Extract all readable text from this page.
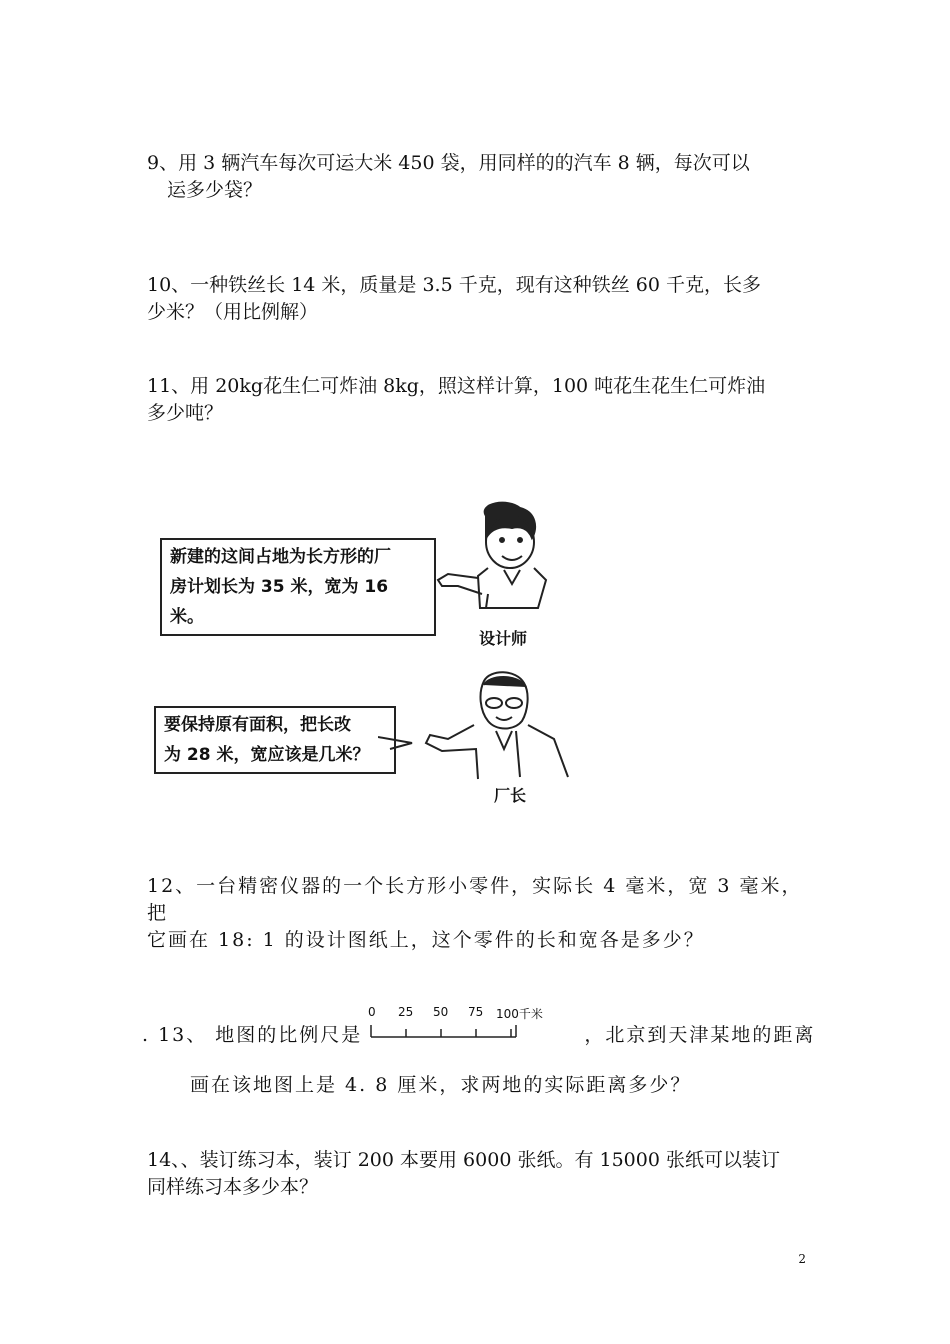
9、用 3 辆汽车每次可运大米 450 袋，用同样的的汽车 8 辆，每次可以

运多少袋？

10、一种铁丝长 14 米，质量是 3.5 千克，现有这种铁丝 60 千克，长多

少米？（用比例解）

11、用 20kg花生仁可炸油 8kg，照这样计算，100 吨花生花生仁可炸油

多少吨？

新建的这间占地为长方形的厂
房计划长为 35 米，宽为 16 米。
设计师
要保持原有面积，把长改
为 28 米，宽应该是几米？
厂长

12、一台精密仪器的一个长方形小零件，实际长 4 毫米，宽 3 毫米，把

它画在 18: 1 的设计图纸上，这个零件的长和宽各是多少？

. 13、 地图的比例尺是	，北京到天津某地的距离

0 25 50 75 100千米

画在该地图上是 4. 8 厘米，求两地的实际距离多少？

14、、装订练习本，装订 200 本要用 6000 张纸。有 15000 张纸可以装订

同样练习本多少本？

2
